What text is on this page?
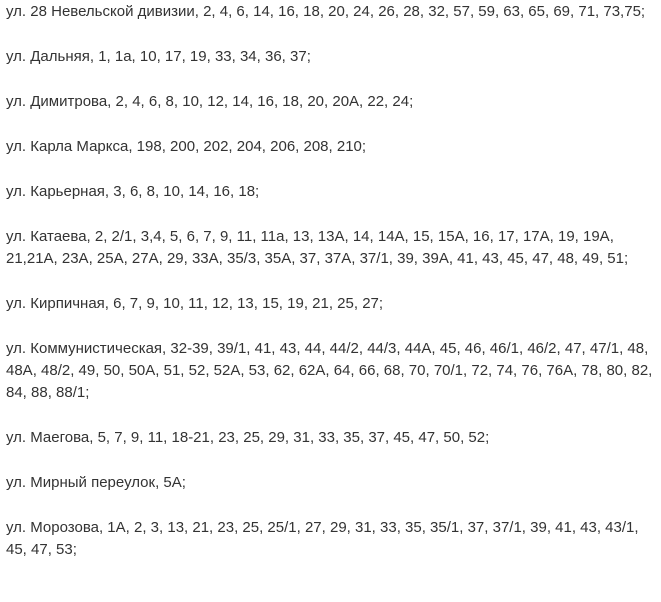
ул. 28 Невельской дивизии, 2, 4, 6, 14, 16, 18, 20, 24, 26, 28, 32, 57, 59, 63, 65, 69, 71, 73,75;

ул. Дальняя, 1, 1а, 10, 17, 19, 33, 34, 36, 37;

ул. Димитрова, 2, 4, 6, 8, 10, 12, 14, 16, 18, 20, 20А, 22, 24;

ул. Карла Маркса, 198, 200, 202, 204, 206, 208, 210;

ул. Карьерная, 3, 6, 8, 10, 14, 16, 18;

ул. Катаева, 2, 2/1, 3,4, 5, 6, 7, 9, 11, 11а, 13, 13А, 14, 14А, 15, 15А, 16, 17, 17А, 19, 19А, 21,21А, 23А, 25А, 27А, 29, 33А, 35/3, 35А, 37, 37А, 37/1, 39, 39А, 41, 43, 45, 47, 48, 49, 51;

ул. Кирпичная, 6, 7, 9, 10, 11, 12, 13, 15, 19, 21, 25, 27;

ул. Коммунистическая, 32-39, 39/1, 41, 43, 44, 44/2, 44/3, 44А, 45, 46, 46/1, 46/2, 47, 47/1, 48, 48А, 48/2, 49, 50, 50А, 51, 52, 52А, 53, 62, 62А, 64, 66, 68, 70, 70/1, 72, 74, 76, 76А, 78, 80, 82, 84, 88, 88/1;

ул. Маегова, 5, 7, 9, 11, 18-21, 23, 25, 29, 31, 33, 35, 37, 45, 47, 50, 52;

ул. Мирный переулок, 5А;

ул. Морозова, 1А, 2, 3, 13, 21, 23, 25, 25/1, 27, 29, 31, 33, 35, 35/1, 37, 37/1, 39, 41, 43, 43/1, 45, 47, 53;
